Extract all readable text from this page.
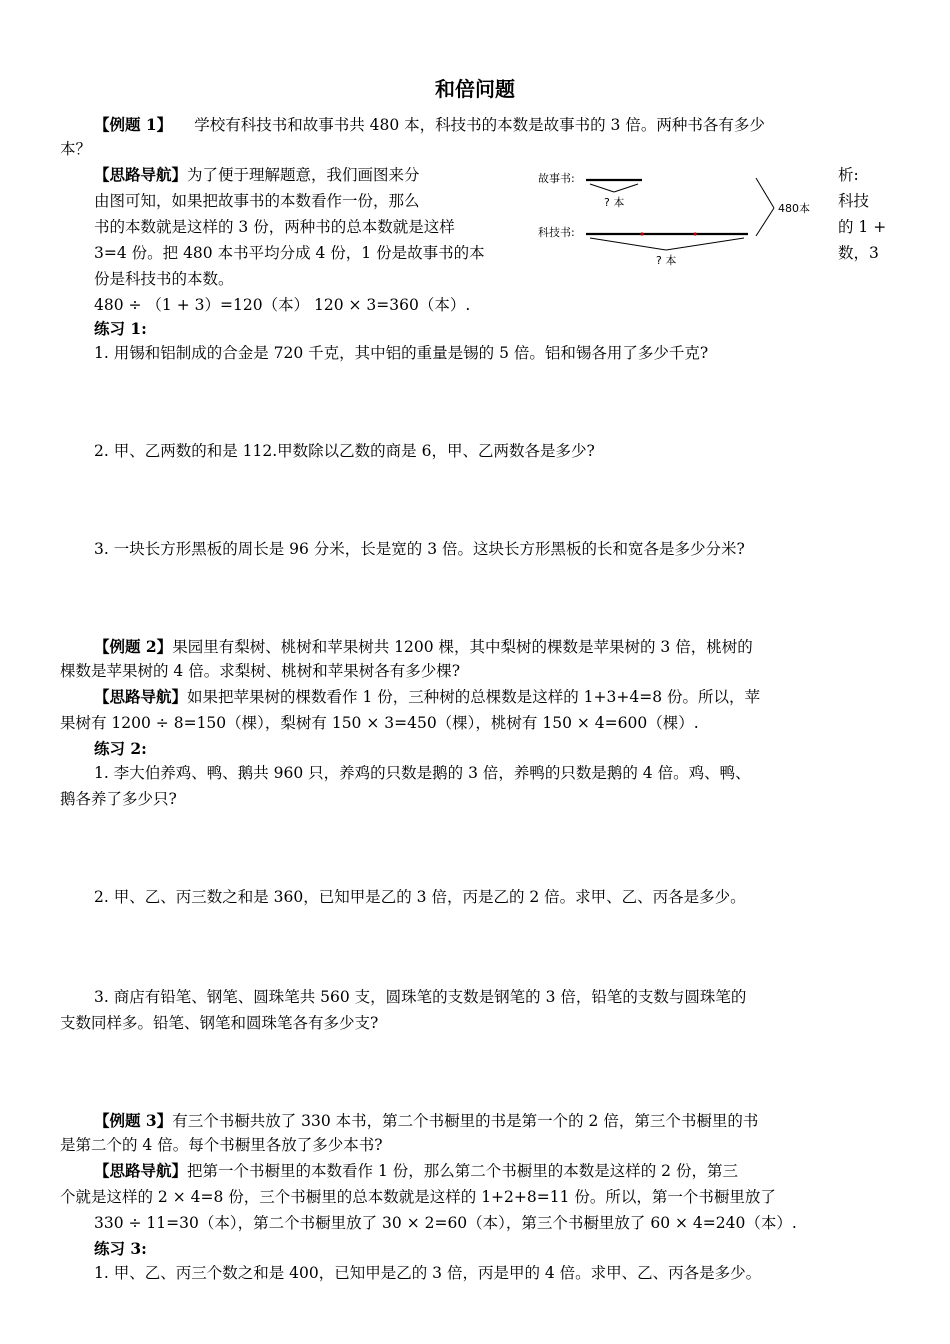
和倍问题
【例题 1】 学校有科技书和故事书共 480 本，科技书的本数是故事书的 3 倍。两种书各有多少
本？
【思路导航】为了便于理解题意，我们画图来分
由图可知，如果把故事书的本数看作一份，那么
书的本数就是这样的 3 份，两种书的总本数就是这样
3=4 份。把 480 本书平均分成 4 份，1 份是故事书的本
份是科技书的本数。
480 ÷ （1 + 3）=120（本） 120 × 3=360（本）.
析:
科技
的 1 +
数，3
故事书:
? 本
科技书:
? 本
480本
练习 1:
1. 用锡和铝制成的合金是 720 千克，其中铝的重量是锡的 5 倍。铝和锡各用了多少千克?
2. 甲、乙两数的和是 112.甲数除以乙数的商是 6，甲、乙两数各是多少?
3. 一块长方形黑板的周长是 96 分米，长是宽的 3 倍。这块长方形黑板的长和宽各是多少分米?
【例题 2】果园里有梨树、桃树和苹果树共 1200 棵，其中梨树的棵数是苹果树的 3 倍，桃树的
棵数是苹果树的 4 倍。求梨树、桃树和苹果树各有多少棵?
【思路导航】如果把苹果树的棵数看作 1 份，三种树的总棵数是这样的 1+3+4=8 份。所以，苹
果树有 1200 ÷ 8=150（棵），梨树有 150 × 3=450（棵），桃树有 150 × 4=600（棵）.
练习 2:
1. 李大伯养鸡、鸭、鹅共 960 只，养鸡的只数是鹅的 3 倍，养鸭的只数是鹅的 4 倍。鸡、鸭、
鹅各养了多少只?
2. 甲、乙、丙三数之和是 360，已知甲是乙的 3 倍，丙是乙的 2 倍。求甲、乙、丙各是多少。
3. 商店有铅笔、钢笔、圆珠笔共 560 支，圆珠笔的支数是钢笔的 3 倍，铅笔的支数与圆珠笔的
支数同样多。铅笔、钢笔和圆珠笔各有多少支?
【例题 3】有三个书橱共放了 330 本书，第二个书橱里的书是第一个的 2 倍，第三个书橱里的书
是第二个的 4 倍。每个书橱里各放了多少本书?
【思路导航】把第一个书橱里的本数看作 1 份，那么第二个书橱里的本数是这样的 2 份，第三
个就是这样的 2 × 4=8 份，三个书橱里的总本数就是这样的 1+2+8=11 份。所以，第一个书橱里放了
330 ÷ 11=30（本），第二个书橱里放了 30 × 2=60（本），第三个书橱里放了 60 × 4=240（本）.
练习 3:
1. 甲、乙、丙三个数之和是 400，已知甲是乙的 3 倍，丙是甲的 4 倍。求甲、乙、丙各是多少。
